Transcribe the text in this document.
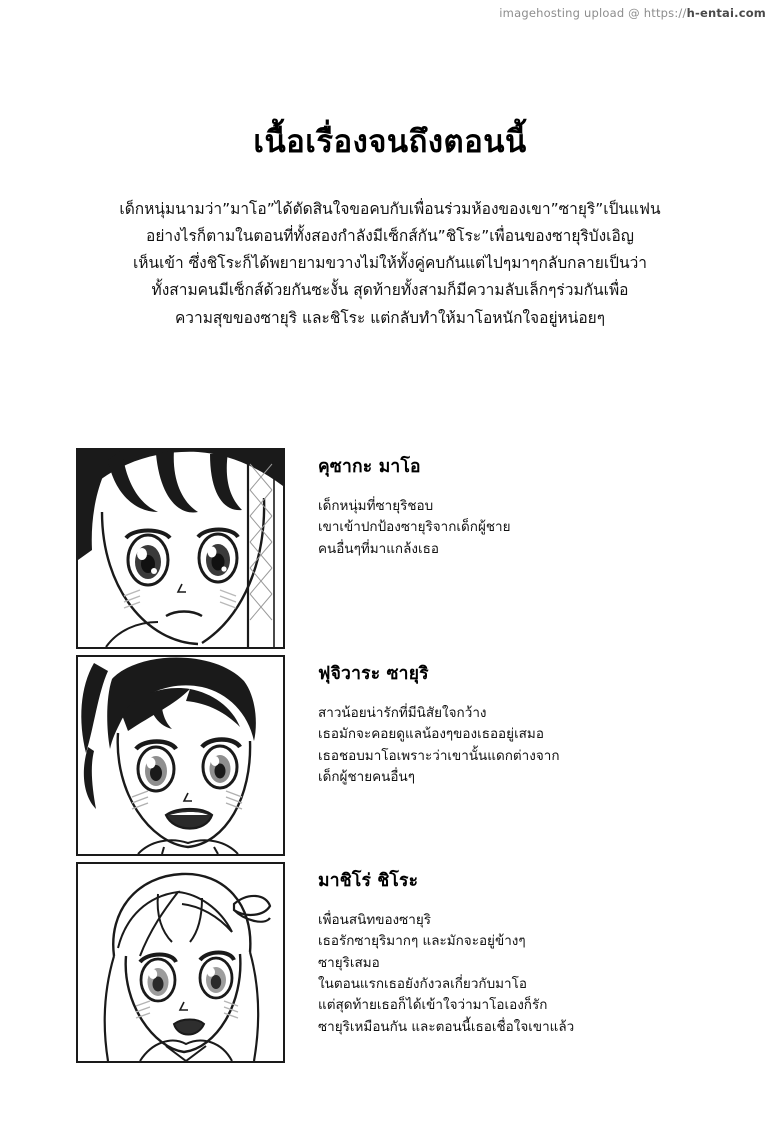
imagehosting upload @ https://h-entai.com
เนื้อเรื่องจนถึงตอนนี้
เด็กหนุ่มนามว่า”มาโอ”ได้ตัดสินใจขอคบกับเพื่อนร่วมห้องของเขา”ซายุริ”เป็นแฟน
อย่างไรก็ตามในตอนที่ทั้งสองกำลังมีเซ็กส์กัน”ชิโระ”เพื่อนของซายุริบังเอิญ
เห็นเข้า ซึ่งชิโระก็ได้พยายามขวางไม่ให้ทั้งคู่คบกันแต่ไปๆมาๆกลับกลายเป็นว่า
ทั้งสามคนมีเซ็กส์ด้วยกันซะงั้น สุดท้ายทั้งสามก็มีความลับเล็กๆร่วมกันเพื่อ
ความสุขของซายุริ และชิโระ แต่กลับทำให้มาโอหนักใจอยู่หน่อยๆ
คุซากะ มาโอ
เด็กหนุ่มที่ซายุริชอบ
เขาเข้าปกป้องซายุริจากเด็กผู้ชาย
คนอื่นๆที่มาแกล้งเธอ
ฟุจิวาระ ซายุริ
สาวน้อยน่ารักที่มีนิสัยใจกว้าง
เธอมักจะคอยดูแลน้องๆของเธออยู่เสมอ
เธอชอบมาโอเพราะว่าเขานั้นแดกต่างจาก
เด็กผู้ชายคนอื่นๆ
มาชิโร่ ชิโระ
เพื่อนสนิทของซายุริ
เธอรักซายุริมากๆ และมักจะอยู่ข้างๆ
ซายุริเสมอ
ในตอนแรกเธอยังกังวลเกี่ยวกับมาโอ
แต่สุดท้ายเธอก็ได้เข้าใจว่ามาโอเองก็รัก
ซายุริเหมือนกัน และตอนนี้เธอเชื่อใจเขาแล้ว
